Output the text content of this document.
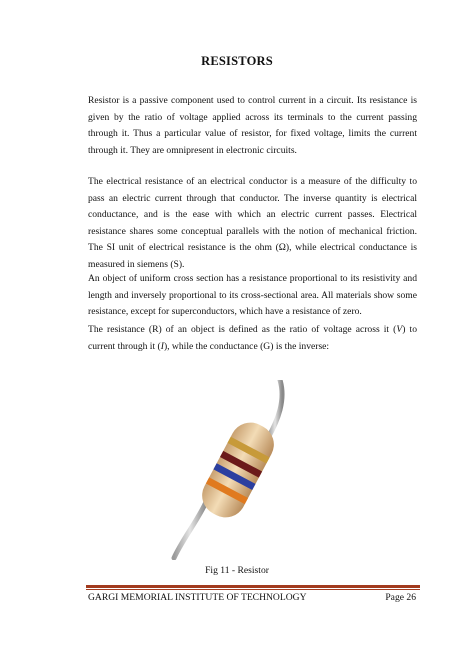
RESISTORS

Resistor is a passive component used to control current in a circuit. Its resistance is given by the ratio of voltage applied across its terminals to the current passing through it. Thus a particular value of resistor, for fixed voltage, limits the current through it. They are omnipresent in electronic circuits.

The electrical resistance of an electrical conductor is a measure of the difficulty to pass an electric current through that conductor. The inverse quantity is electrical conductance, and is the ease with which an electric current passes. Electrical resistance shares some conceptual parallels with the notion of mechanical friction. The SI unit of electrical resistance is the ohm (Ω), while electrical conductance is measured in siemens (S).

An object of uniform cross section has a resistance proportional to its resistivity and length and inversely proportional to its cross-sectional area. All materials show some resistance, except for superconductors, which have a resistance of zero.

The resistance (R) of an object is defined as the ratio of voltage across it (V) to current through it (I), while the conductance (G) is the inverse:

Fig 11 - Resistor
GARGI MEMORIAL INSTITUTE OF TECHNOLOGY	Page 26
